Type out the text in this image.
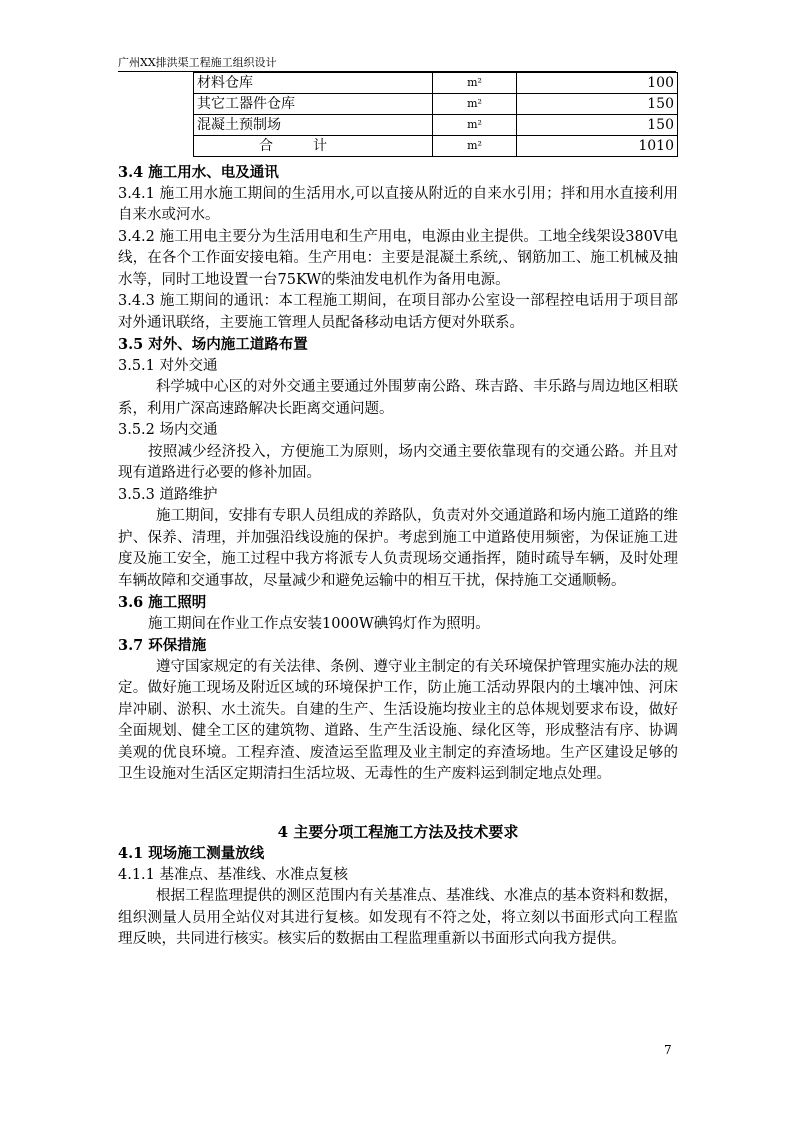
广州XX排洪渠工程施工组织设计
材料仓库	m²	100
其它工器件仓库	m²	150
混凝土预制场	m²	150
合计	m²	1010

3.4 施工用水、电及通讯

3.4.1 施工用水施工期间的生活用水,可以直接从附近的自来水引用；拌和用水直接利用自来水或河水。

3.4.2 施工用电主要分为生活用电和生产用电，电源由业主提供。工地全线架设380V电线，在各个工作面安接电箱。生产用电：主要是混凝土系统,、钢筋加工、施工机械及抽水等，同时工地设置一台75KW的柴油发电机作为备用电源。

3.4.3 施工期间的通讯：本工程施工期间，在项目部办公室设一部程控电话用于项目部对外通讯联络，主要施工管理人员配备移动电话方便对外联系。

3.5 对外、场内施工道路布置

3.5.1 对外交通

科学城中心区的对外交通主要通过外围萝南公路、珠吉路、丰乐路与周边地区相联系，利用广深高速路解决长距离交通问题。

3.5.2 场内交通

按照减少经济投入，方便施工为原则，场内交通主要依靠现有的交通公路。并且对现有道路进行必要的修补加固。

3.5.3 道路维护

施工期间，安排有专职人员组成的养路队，负责对外交通道路和场内施工道路的维护、保养、清理，并加强沿线设施的保护。考虑到施工中道路使用频密，为保证施工进度及施工安全，施工过程中我方将派专人负责现场交通指挥，随时疏导车辆，及时处理车辆故障和交通事故，尽量减少和避免运输中的相互干扰，保持施工交通顺畅。

3.6 施工照明

施工期间在作业工作点安装1000W碘钨灯作为照明。

3.7 环保措施

遵守国家规定的有关法律、条例、遵守业主制定的有关环境保护管理实施办法的规定。做好施工现场及附近区域的环境保护工作，防止施工活动界限内的土壤冲蚀、河床岸冲刷、淤积、水土流失。自建的生产、生活设施均按业主的总体规划要求布设，做好全面规划、健全工区的建筑物、道路、生产生活设施、绿化区等，形成整洁有序、协调美观的优良环境。工程弃渣、废渣运至监理及业主制定的弃渣场地。生产区建设足够的卫生设施对生活区定期清扫生活垃圾、无毒性的生产废料运到制定地点处理。

4 主要分项工程施工方法及技术要求

4.1 现场施工测量放线

4.1.1 基准点、基准线、水准点复核

根据工程监理提供的测区范围内有关基准点、基准线、水准点的基本资料和数据，组织测量人员用全站仪对其进行复核。如发现有不符之处，将立刻以书面形式向工程监理反映，共同进行核实。核实后的数据由工程监理重新以书面形式向我方提供。

7
